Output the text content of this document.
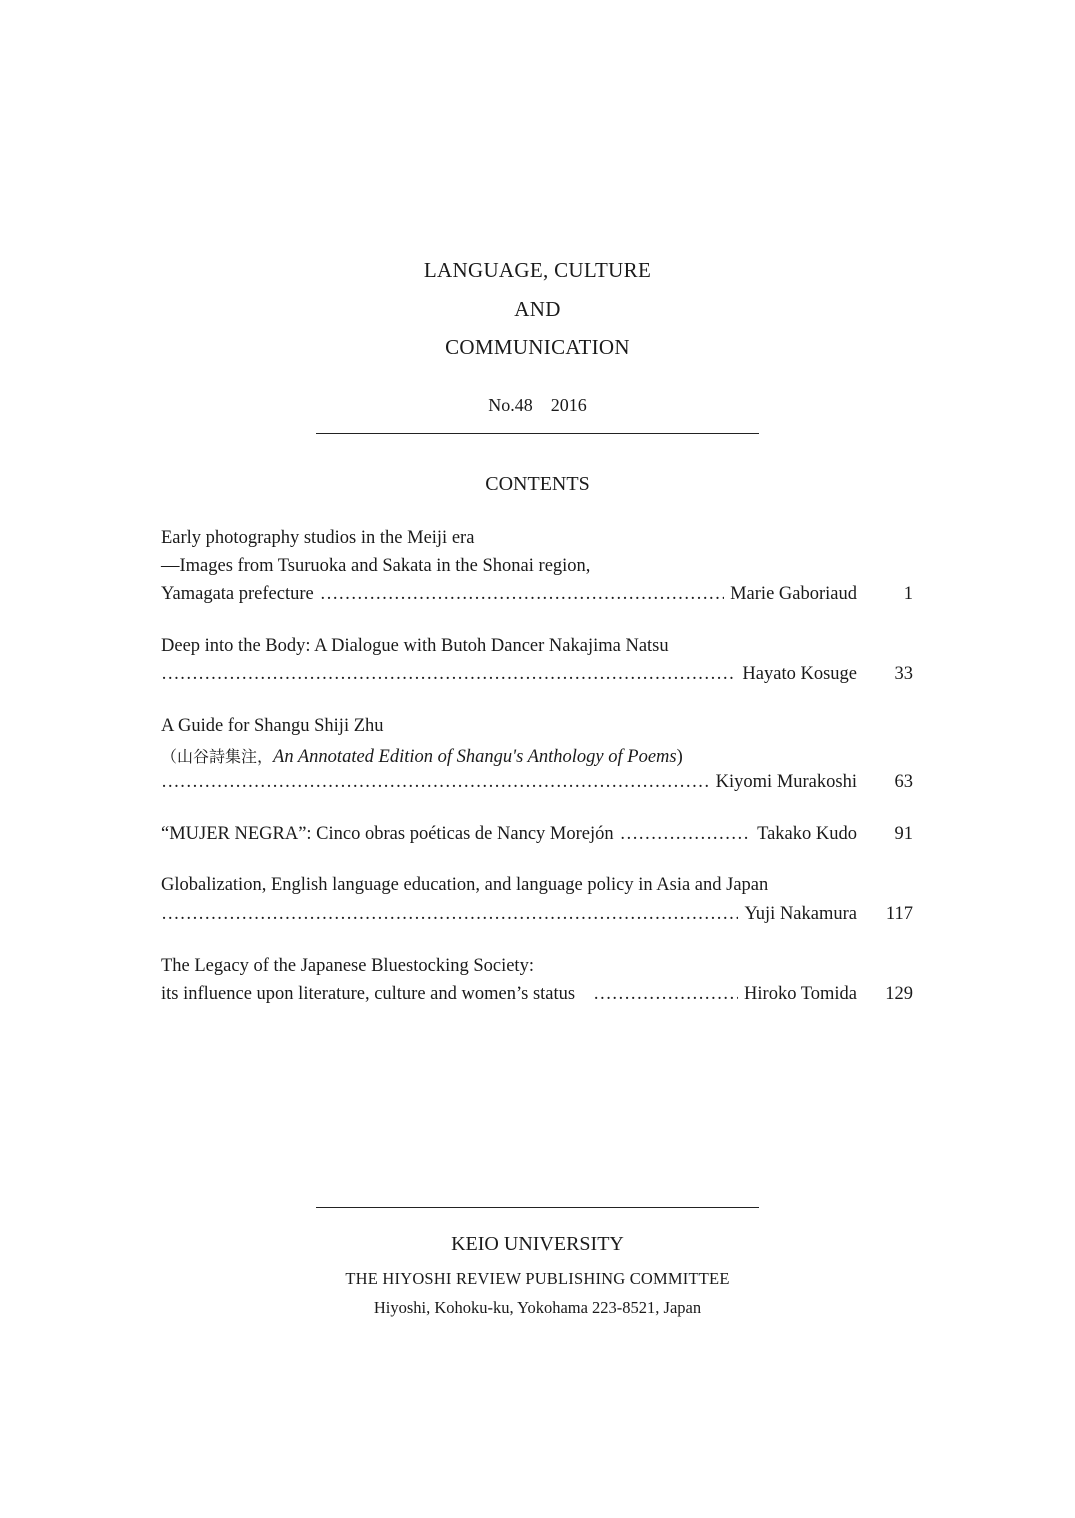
LANGUAGE, CULTURE
AND
COMMUNICATION
No.48 2016
CONTENTS
Early photography studios in the Meiji era
—Images from Tsuruoka and Sakata in the Shonai region,
Yamagata prefecture …………………………………………………………………………………………………………………………………………	Marie Gaboriaud	1
Deep into the Body: A Dialogue with Butoh Dancer Nakajima Natsu
…………………………………………………………………………………………………………………………………………
Hayato Kosuge	33
A Guide for Shangu Shiji Zhu
（山谷詩集注，An Annotated Edition of Shangu's Anthology of Poems)
…………………………………………………………………………………………………………………………………………
Kiyomi Murakoshi	63
“MUJER NEGRA”: Cinco obras poéticas de Nancy Morejón …………………………………………………………………………………………………………………………………………	Takako Kudo	91
Globalization, English language education, and language policy in Asia and Japan
…………………………………………………………………………………………………………………………………………
Yuji Nakamura	117
The Legacy of the Japanese Bluestocking Society:
its influence upon literature, culture and women’s status …………………………………………………………………………………………………………………………………………	Hiroko Tomida	129
KEIO UNIVERSITY
THE HIYOSHI REVIEW PUBLISHING COMMITTEE
Hiyoshi, Kohoku-ku, Yokohama 223-8521, Japan
